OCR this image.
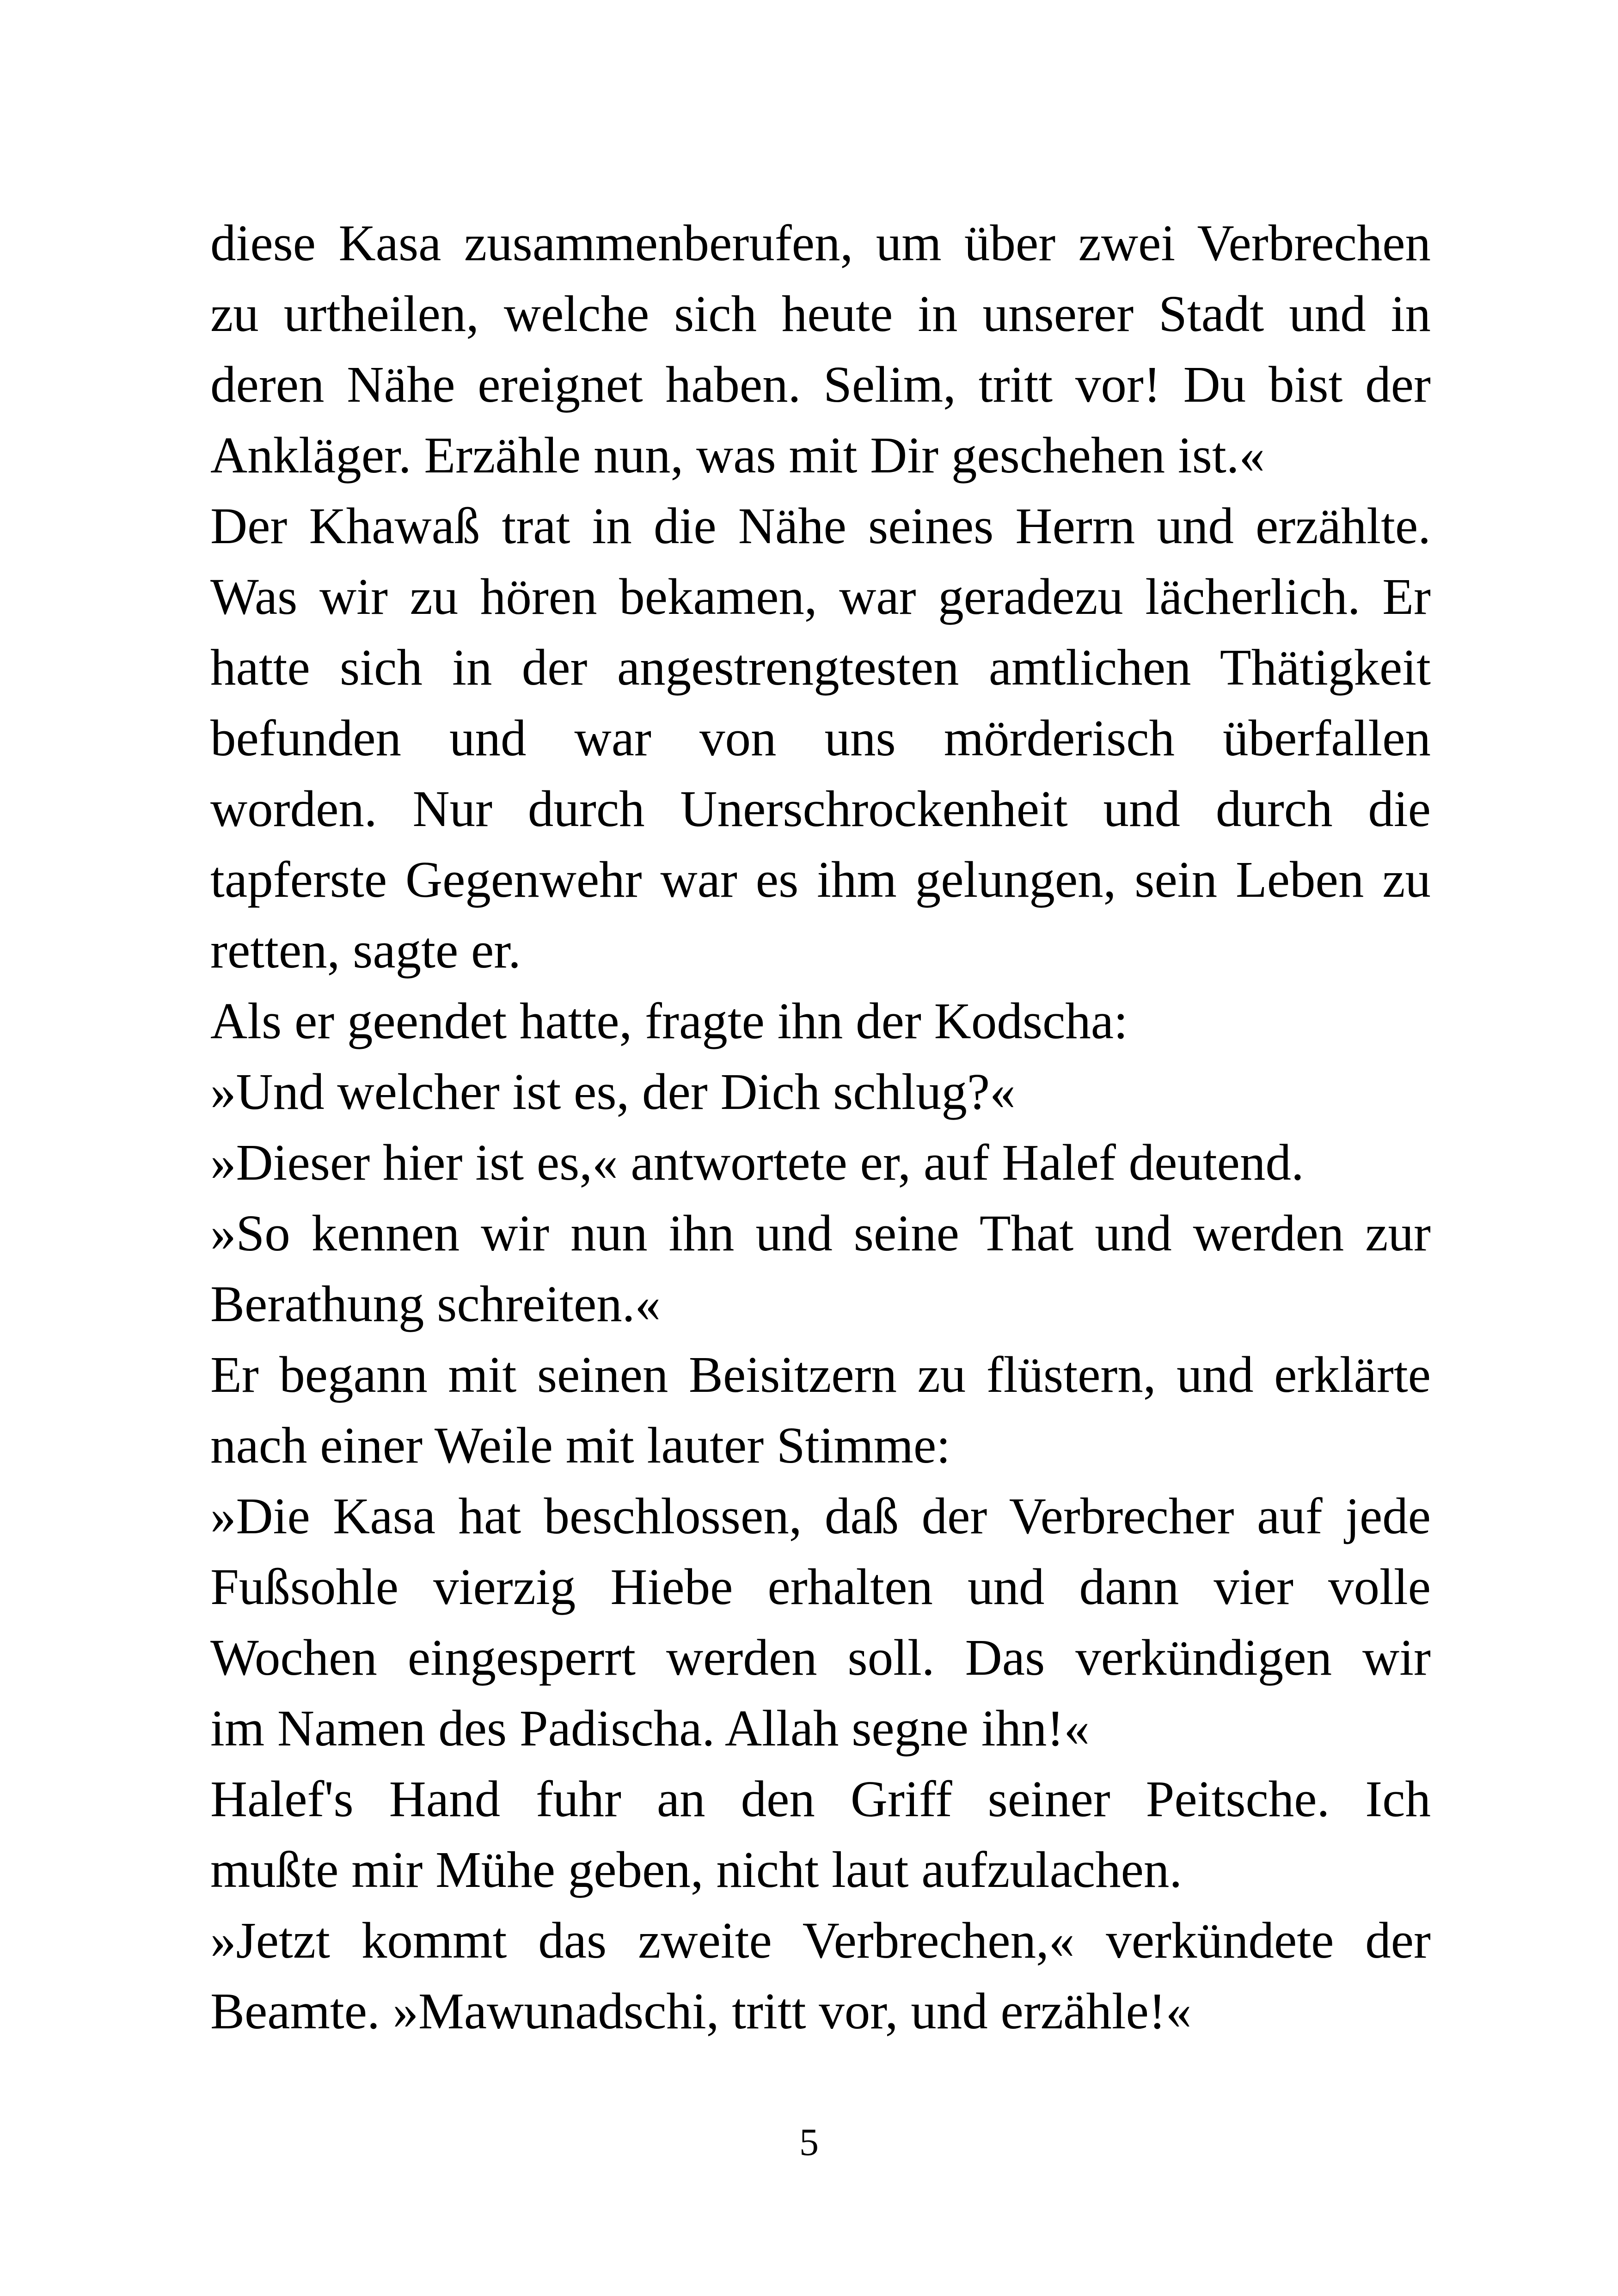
diese Kasa zusammenberufen, um über zwei Verbrechen
zu urtheilen, welche sich heute in unserer Stadt und in
deren Nähe ereignet haben. Selim, tritt vor! Du bist der
Ankläger. Erzähle nun, was mit Dir geschehen ist.«
Der Khawaß trat in die Nähe seines Herrn und erzählte.
Was wir zu hören bekamen, war geradezu lächerlich. Er
hatte sich in der angestrengtesten amtlichen Thätigkeit
befunden und war von uns mörderisch überfallen
worden. Nur durch Unerschrockenheit und durch die
tapferste Gegenwehr war es ihm gelungen, sein Leben zu
retten, sagte er.
Als er geendet hatte, fragte ihn der Kodscha:
»Und welcher ist es, der Dich schlug?«
»Dieser hier ist es,« antwortete er, auf Halef deutend.
»So kennen wir nun ihn und seine That und werden zur
Berathung schreiten.«
Er begann mit seinen Beisitzern zu flüstern, und erklärte
nach einer Weile mit lauter Stimme:
»Die Kasa hat beschlossen, daß der Verbrecher auf jede
Fußsohle vierzig Hiebe erhalten und dann vier volle
Wochen eingesperrt werden soll. Das verkündigen wir
im Namen des Padischa. Allah segne ihn!«
Halef's Hand fuhr an den Griff seiner Peitsche. Ich
mußte mir Mühe geben, nicht laut aufzulachen.
»Jetzt kommt das zweite Verbrechen,« verkündete der
Beamte. »Mawunadschi, tritt vor, und erzähle!«
5
